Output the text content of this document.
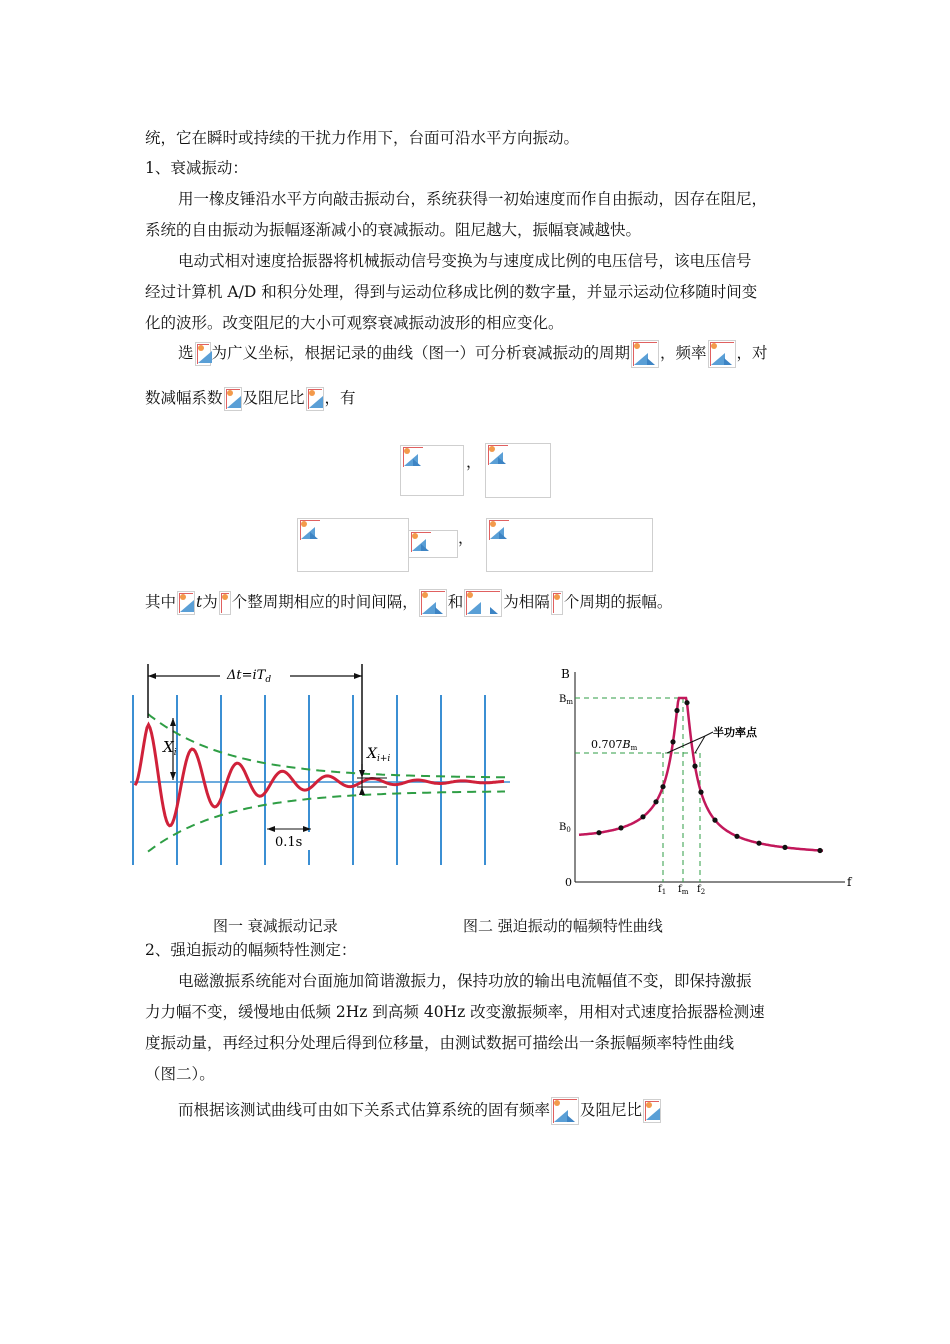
统，它在瞬时或持续的干扰力作用下，台面可沿水平方向振动。
1、衰减振动：
用一橡皮锤沿水平方向敲击振动台，系统获得一初始速度而作自由振动，因存在阻尼，
系统的自由振动为振幅逐渐减小的衰减振动。阻尼越大，振幅衰减越快。
电动式相对速度拾振器将机械振动信号变换为与速度成比例的电压信号，该电压信号
经过计算机 A/D 和积分处理，得到与运动位移成比例的数字量，并显示运动位移随时间变
化的波形。改变阻尼的大小可观察衰减振动波形的相应变化。
选 为广义坐标，根据记录的曲线（图一）可分析衰减振动的周期 ，频率 ，对
数减幅系数 及阻尼比 ，有
，
，
其中 t为 个整周期相应的时间间隔， 和	为相隔 个周期的振幅。
$\Delta t=iT_d$
$X_i$	$X_{i+i}$
0.1s
B
f
0
$B_m$
$B_0$
0.707Bm
半功率点
$f_1$ $f_m$ $f_2$
图一 衰减振动记录	图二 强迫振动的幅频特性曲线
2、强迫振动的幅频特性测定：
电磁激振系统能对台面施加简谐激振力，保持功放的输出电流幅值不变，即保持激振
力力幅不变，缓慢地由低频 2Hz 到高频 40Hz 改变激振频率，用相对式速度拾振器检测速
度振动量，再经过积分处理后得到位移量，由测试数据可描绘出一条振幅频率特性曲线
（图二）。
而根据该测试曲线可由如下关系式估算系统的固有频率 及阻尼比
